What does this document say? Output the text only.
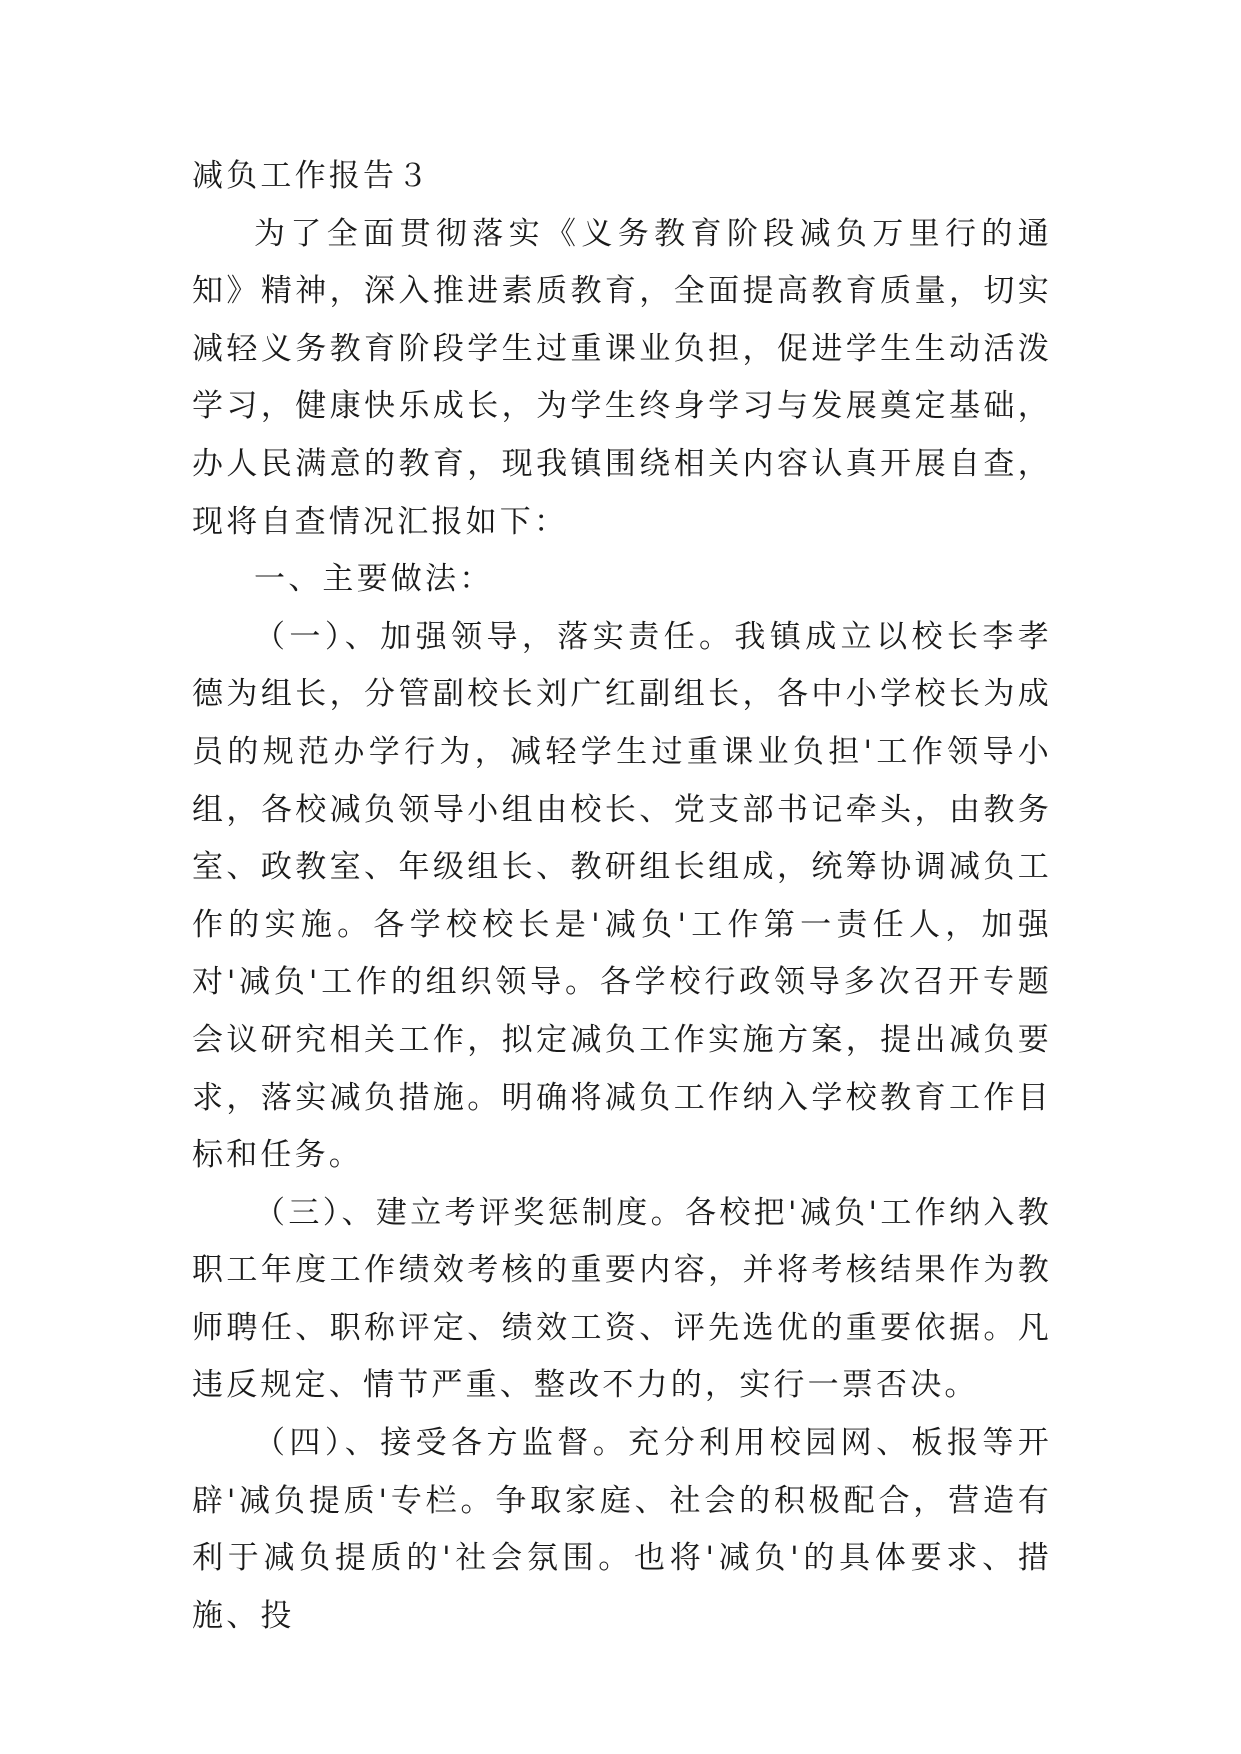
减负工作报告３

为了全面贯彻落实《义务教育阶段减负万里行的通知》精神，深入推进素质教育，全面提高教育质量，切实减轻义务教育阶段学生过重课业负担，促进学生生动活泼学习，健康快乐成长，为学生终身学习与发展奠定基础，办人民满意的教育，现我镇围绕相关内容认真开展自查，现将自查情况汇报如下：

一、主要做法：

（一）、加强领导，落实责任。我镇成立以校长李孝德为组长，分管副校长刘广红副组长，各中小学校长为成员的规范办学行为，减轻学生过重课业负担'工作领导小组，各校减负领导小组由校长、党支部书记牵头，由教务室、政教室、年级组长、教研组长组成，统筹协调减负工作的实施。各学校校长是'减负'工作第一责任人，加强对'减负'工作的组织领导。各学校行政领导多次召开专题会议研究相关工作，拟定减负工作实施方案，提出减负要求，落实减负措施。明确将减负工作纳入学校教育工作目标和任务。

（三）、建立考评奖惩制度。各校把'减负'工作纳入教职工年度工作绩效考核的重要内容，并将考核结果作为教师聘任、职称评定、绩效工资、评先选优的重要依据。凡违反规定、情节严重、整改不力的，实行一票否决。

（四）、接受各方监督。充分利用校园网、板报等开辟'减负提质'专栏。争取家庭、社会的积极配合，营造有利于减负提质的'社会氛围。也将'减负'的具体要求、措施、投
